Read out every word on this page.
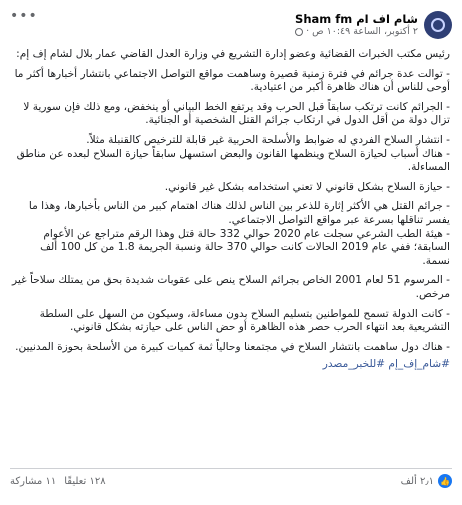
شام اف ام Sham fm
٢ أكتوبر، الساعة ١٠:٤٩ ص ·
•••

رئيس مكتب الخبرات القضائية وعضو إدارة التشريع في وزارة العدل القاضي عمار بلال لشام إف إم:

- توالت عدة جرائم في فترة زمنية قصيرة وساهمت مواقع التواصل الاجتماعي بانتشار أخبارها أكثر ما أوحى للناس أن هناك ظاهرة أكبر من اعتيادية.

- الجرائم كانت ترتكب سابقاً قبل الحرب وقد يرتفع الخط البياني أو ينخفض، ومع ذلك فإن سورية لا تزال دولة من أقل الدول في ارتكاب جرائم القتل الشخصية أو الجنائية.

- انتشار السلاح الفردي له ضوابط والأسلحة الحربية غير قابلة للترخيص كالقنبلة مثلاً.
- هناك أسباب لحيازة السلاح وينظمها القانون والبعض استسهل سابقاً حيازة السلاح لبعده عن مناطق المساءلة.

- حيازة السلاح بشكل قانوني لا تعني استخدامه بشكل غير قانوني.

- جرائم القتل هي الأكثر إثارة للذعر بين الناس لذلك هناك اهتمام كبير من الناس بأخبارها، وهذا ما يفسر تناقلها بسرعة عبر مواقع التواصل الاجتماعي.
- هيئة الطب الشرعي سجلت عام 2020 حوالي 332 حالة قتل وهذا الرقم متراجع عن الأعوام السابقة؛ ففي عام 2019 الحالات كانت حوالي 370 حالة ونسبة الجريمة 1.8 من كل 100 ألف نسمة.

- المرسوم 51 لعام 2001 الخاص بجرائم السلاح ينص على عقوبات شديدة بحق من يمتلك سلاحاً غير مرخص.

- كانت الدولة تسمح للمواطنين بتسليم السلاح بدون مساءلة، وسيكون من السهل على السلطة التشريعية بعد انتهاء الحرب حصر هذه الظاهرة أو حض الناس على حيازته بشكل قانوني.

- هناك دول ساهمت بانتشار السلاح في مجتمعنا وحالياً ثمة كميات كبيرة من الأسلحة بحوزة المدنيين.

#شام_إف_إم #للخبر_مصدر
👍
٢٫١ ألف
١٢٨ تعليقًا
١١ مشاركة
